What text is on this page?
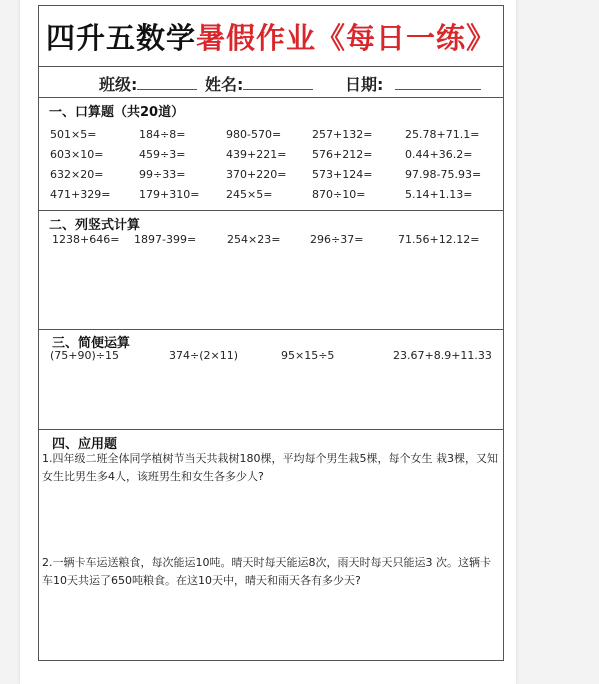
四升五数学 暑假作业《每日一练》
班级:	姓名:	日期:
一、口算题（共20道）
501×5=	184÷8=	980-570=	257+132=	25.78+71.1=
603×10=	459÷3=	439+221= 576+212=	0.44+36.2=
632×20=	99÷33=	370+220= 573+124=	97.98-75.93=
471+329=	179+310= 245×5=	870÷10=	5.14+1.13=
二、列竖式计算
1238+646= 1897-399=	254×23=	296÷37=	71.56+12.12=
三、简便运算
(75+90)÷15	374÷(2×11)	95×15÷5	23.67+8.9+11.33
四、应用题
1.四年级二班全体同学植树节当天共栽树180棵，平均每个男生栽5棵，每个女生 栽3棵，又知女生比男生多4人，该班男生和女生各多少人?
2.一辆卡车运送粮食，每次能运10吨。晴天时每天能运8次，雨天时每天只能运3 次。这辆卡车10天共运了650吨粮食。在这10天中，晴天和雨天各有多少天?
